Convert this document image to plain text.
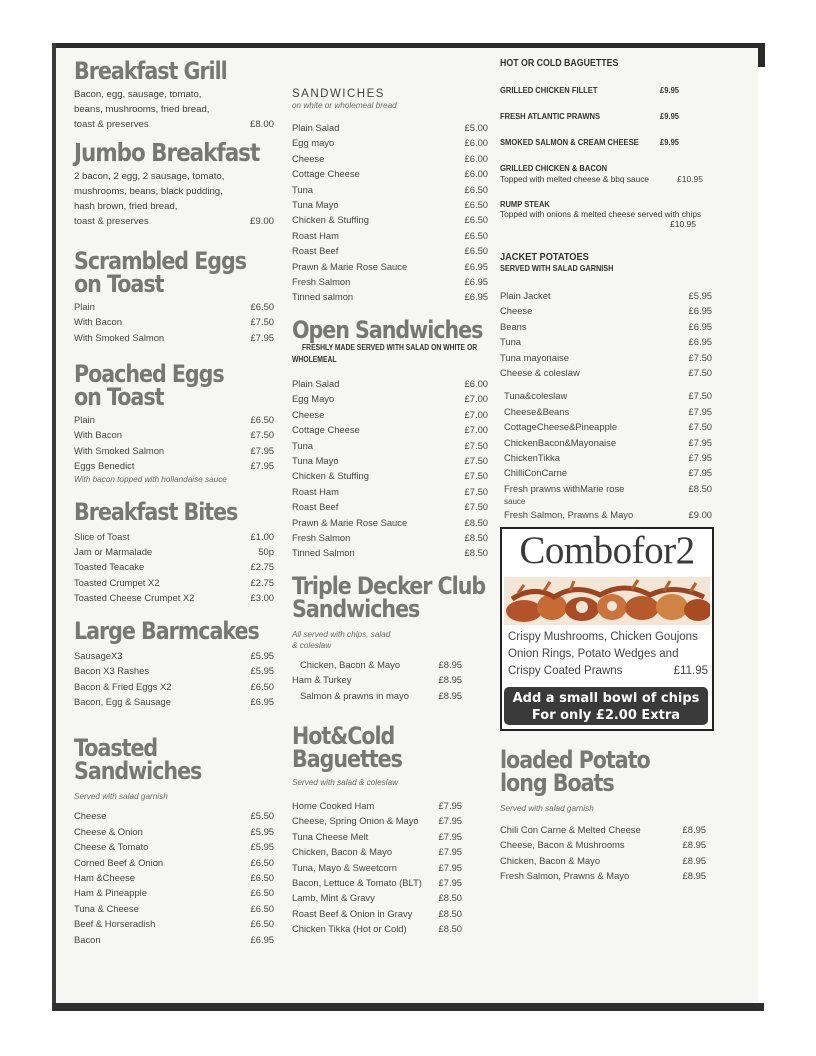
Breakfast Grill
Bacon, egg, sausage, tomato,
beans, mushrooms, fried bread,
toast & preserves	£8.00
Jumbo Breakfast
2 bacon, 2 egg, 2 sausage, tomato,
mushrooms, beans, black pudding,
hash brown, fried bread,
toast & preserves	£9.00
Scrambled Eggs
on Toast
Plain	£6.50
With Bacon	£7.50
With Smoked Salmon	£7.95
Poached Eggs
on Toast
Plain	£6.50
With Bacon	£7.50
With Smoked Salmon	£7.95
Eggs Benedict	£7.95
With bacon topped with hollandaise sauce
Breakfast Bites
Slice of Toast	£1.00
Jam or Marmalade	50p
Toasted Teacake	£2.75
Toasted Crumpet X2	£2.75
Toasted Cheese Crumpet X2	£3.00
Large Barmcakes
SausageX3	£5.95
Bacon X3 Rashes	£5.95
Bacon & Fried Eggs X2	£6.50
Bacon, Egg & Sausage	£6.95
Toasted
Sandwiches
Served with salad garnish
Cheese	£5.50
Cheese & Onion	£5.95
Cheese & Tomato	£5.95
Corned Beef & Onion	£6.50
Ham &Cheese	£6.50
Ham & Pineapple	£6.50
Tuna & Cheese	£6.50
Beef & Horseradish	£6.50
Bacon	£6.95
SANDWICHES
on white or wholemeal bread
Plain Salad	£5.00
Egg mayo	£6.00
Cheese	£6.00
Cottage Cheese	£6.00
Tuna	£6.50
Tuna Mayo	£6.50
Chicken & Stuffing	£6.50
Roast Ham	£6.50
Roast Beef	£6.50
Prawn & Marie Rose Sauce	£6.95
Fresh Salmon	£6.95
Tinned salmon	£6.95
Open Sandwiches
FRESHLY MADE SERVED WITH SALAD ON WHITE OR
WHOLEMEAL
Plain Salad	£6.00
Egg Mayo	£7.00
Cheese	£7.00
Cottage Cheese	£7.00
Tuna	£7.50
Tuna Mayo	£7.50
Chicken & Stuffing	£7.50
Roast Ham	£7.50
Roast Beef	£7.50
Prawn & Marie Rose Sauce	£8.50
Fresh Salmon	£8.50
Tinned Salmon	£8.50
Triple Decker Club
Sandwiches
All served with chips, salad
& coleslaw
Chicken, Bacon & Mayo	£8.95
Ham & Turkey	£8.95
Salmon & prawns in mayo	£8.95
Hot&Cold
Baguettes
Served with salad & coleslaw
Home Cooked Ham	£7.95
Cheese, Spring Onion & Mayo £7.95
Tuna Cheese Melt	£7.95
Chicken, Bacon & Mayo	£7.95
Tuna, Mayo & Sweetcorn	£7.95
Bacon, Lettuce & Tomato (BLT) £7.95
Lamb, Mint & Gravy	£8.50
Roast Beef & Onion in Gravy	£8.50
Chicken Tikka (Hot or Cold)	£8.50
HOT OR COLD BAGUETTES
GRILLED CHICKEN FILLET	£9.95
FRESH ATLANTIC PRAWNS	£9.95
SMOKED SALMON & CREAM CHEESE £9.95
GRILLED CHICKEN & BACON
Topped with melted cheese & bbq sauce	£10.95
RUMP STEAK
Topped with onions & melted cheese served with chips
£10.95
JACKET POTATOES
SERVED WITH SALAD GARNISH
Plain Jacket	£5.95
Cheese	£6.95
Beans	£6.95
Tuna	£6.95
Tuna mayonaise	£7.50
Cheese & coleslaw	£7.50
Tuna&coleslaw	£7.50
Cheese&Beans	£7.95
CottageCheese&Pineapple	£7.50
ChickenBacon&Mayonaise	£7.95
ChickenTikka	£7.95
ChilliConCarne	£7.95
Fresh prawns withMarie rose	£8.50
sauce
Fresh Salmon, Prawns & Mayo	£9.00
Combofor2
Crispy Mushrooms, Chicken Goujons
Onion Rings, Potato Wedges and
Crispy Coated Prawns	£11.95
Add a small bowl of chips
For only £2.00 Extra
loaded Potato
long Boats
Served with salad garnish
Chili Con Carne & Melted Cheese	£8.95
Cheese, Bacon & Mushrooms	£8.95
Chicken, Bacon & Mayo	£8.95
Fresh Salmon, Prawns & Mayo	£8.95
